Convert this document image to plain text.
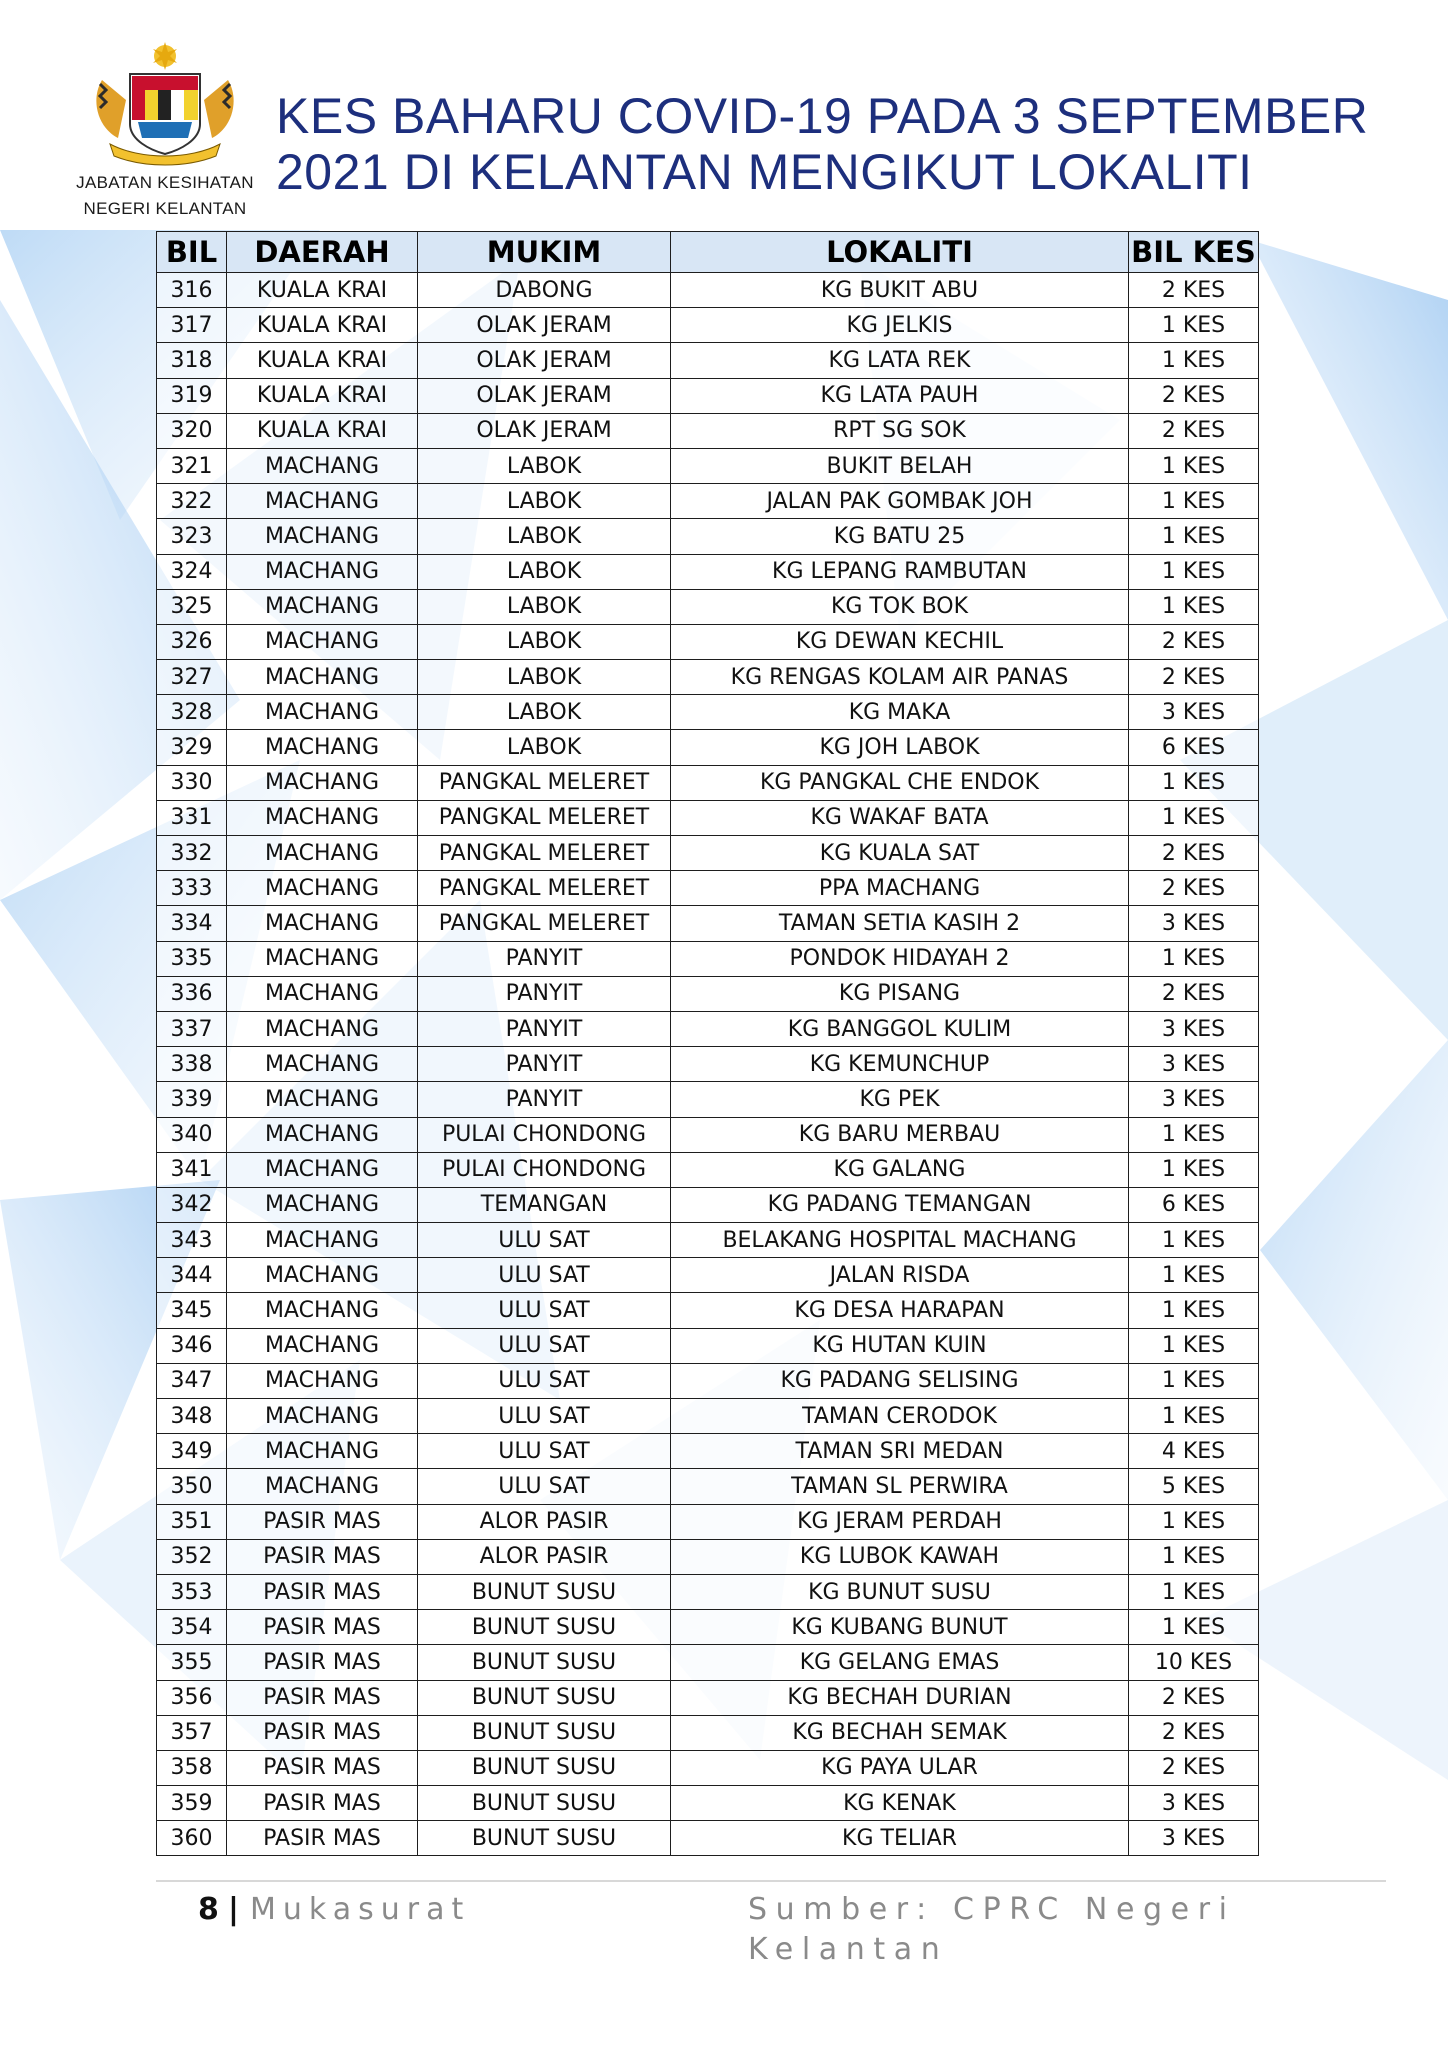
JABATAN KESIHATAN
NEGERI KELANTAN
KES BAHARU COVID-19 PADA 3 SEPTEMBER
2021 DI KELANTAN MENGIKUT LOKALITI
BIL	DAERAH	MUKIM	LOKALITI	BIL KES
316	KUALA KRAI	DABONG	KG BUKIT ABU	2 KES
317	KUALA KRAI	OLAK JERAM	KG JELKIS	1 KES
318	KUALA KRAI	OLAK JERAM	KG LATA REK	1 KES
319	KUALA KRAI	OLAK JERAM	KG LATA PAUH	2 KES
320	KUALA KRAI	OLAK JERAM	RPT SG SOK	2 KES
321	MACHANG	LABOK	BUKIT BELAH	1 KES
322	MACHANG	LABOK	JALAN PAK GOMBAK JOH	1 KES
323	MACHANG	LABOK	KG BATU 25	1 KES
324	MACHANG	LABOK	KG LEPANG RAMBUTAN	1 KES
325	MACHANG	LABOK	KG TOK BOK	1 KES
326	MACHANG	LABOK	KG DEWAN KECHIL	2 KES
327	MACHANG	LABOK	KG RENGAS KOLAM AIR PANAS	2 KES
328	MACHANG	LABOK	KG MAKA	3 KES
329	MACHANG	LABOK	KG JOH LABOK	6 KES
330	MACHANG	PANGKAL MELERET	KG PANGKAL CHE ENDOK	1 KES
331	MACHANG	PANGKAL MELERET	KG WAKAF BATA	1 KES
332	MACHANG	PANGKAL MELERET	KG KUALA SAT	2 KES
333	MACHANG	PANGKAL MELERET	PPA MACHANG	2 KES
334	MACHANG	PANGKAL MELERET	TAMAN SETIA KASIH 2	3 KES
335	MACHANG	PANYIT	PONDOK HIDAYAH 2	1 KES
336	MACHANG	PANYIT	KG PISANG	2 KES
337	MACHANG	PANYIT	KG BANGGOL KULIM	3 KES
338	MACHANG	PANYIT	KG KEMUNCHUP	3 KES
339	MACHANG	PANYIT	KG PEK	3 KES
340	MACHANG	PULAI CHONDONG	KG BARU MERBAU	1 KES
341	MACHANG	PULAI CHONDONG	KG GALANG	1 KES
342	MACHANG	TEMANGAN	KG PADANG TEMANGAN	6 KES
343	MACHANG	ULU SAT	BELAKANG HOSPITAL MACHANG	1 KES
344	MACHANG	ULU SAT	JALAN RISDA	1 KES
345	MACHANG	ULU SAT	KG DESA HARAPAN	1 KES
346	MACHANG	ULU SAT	KG HUTAN KUIN	1 KES
347	MACHANG	ULU SAT	KG PADANG SELISING	1 KES
348	MACHANG	ULU SAT	TAMAN CERODOK	1 KES
349	MACHANG	ULU SAT	TAMAN SRI MEDAN	4 KES
350	MACHANG	ULU SAT	TAMAN SL PERWIRA	5 KES
351	PASIR MAS	ALOR PASIR	KG JERAM PERDAH	1 KES
352	PASIR MAS	ALOR PASIR	KG LUBOK KAWAH	1 KES
353	PASIR MAS	BUNUT SUSU	KG BUNUT SUSU	1 KES
354	PASIR MAS	BUNUT SUSU	KG KUBANG BUNUT	1 KES
355	PASIR MAS	BUNUT SUSU	KG GELANG EMAS	10 KES
356	PASIR MAS	BUNUT SUSU	KG BECHAH DURIAN	2 KES
357	PASIR MAS	BUNUT SUSU	KG BECHAH SEMAK	2 KES
358	PASIR MAS	BUNUT SUSU	KG PAYA ULAR	2 KES
359	PASIR MAS	BUNUT SUSU	KG KENAK	3 KES
360	PASIR MAS	BUNUT SUSU	KG TELIAR	3 KES
8 | Mukasurat	Sumber: CPRC Negeri Kelantan
